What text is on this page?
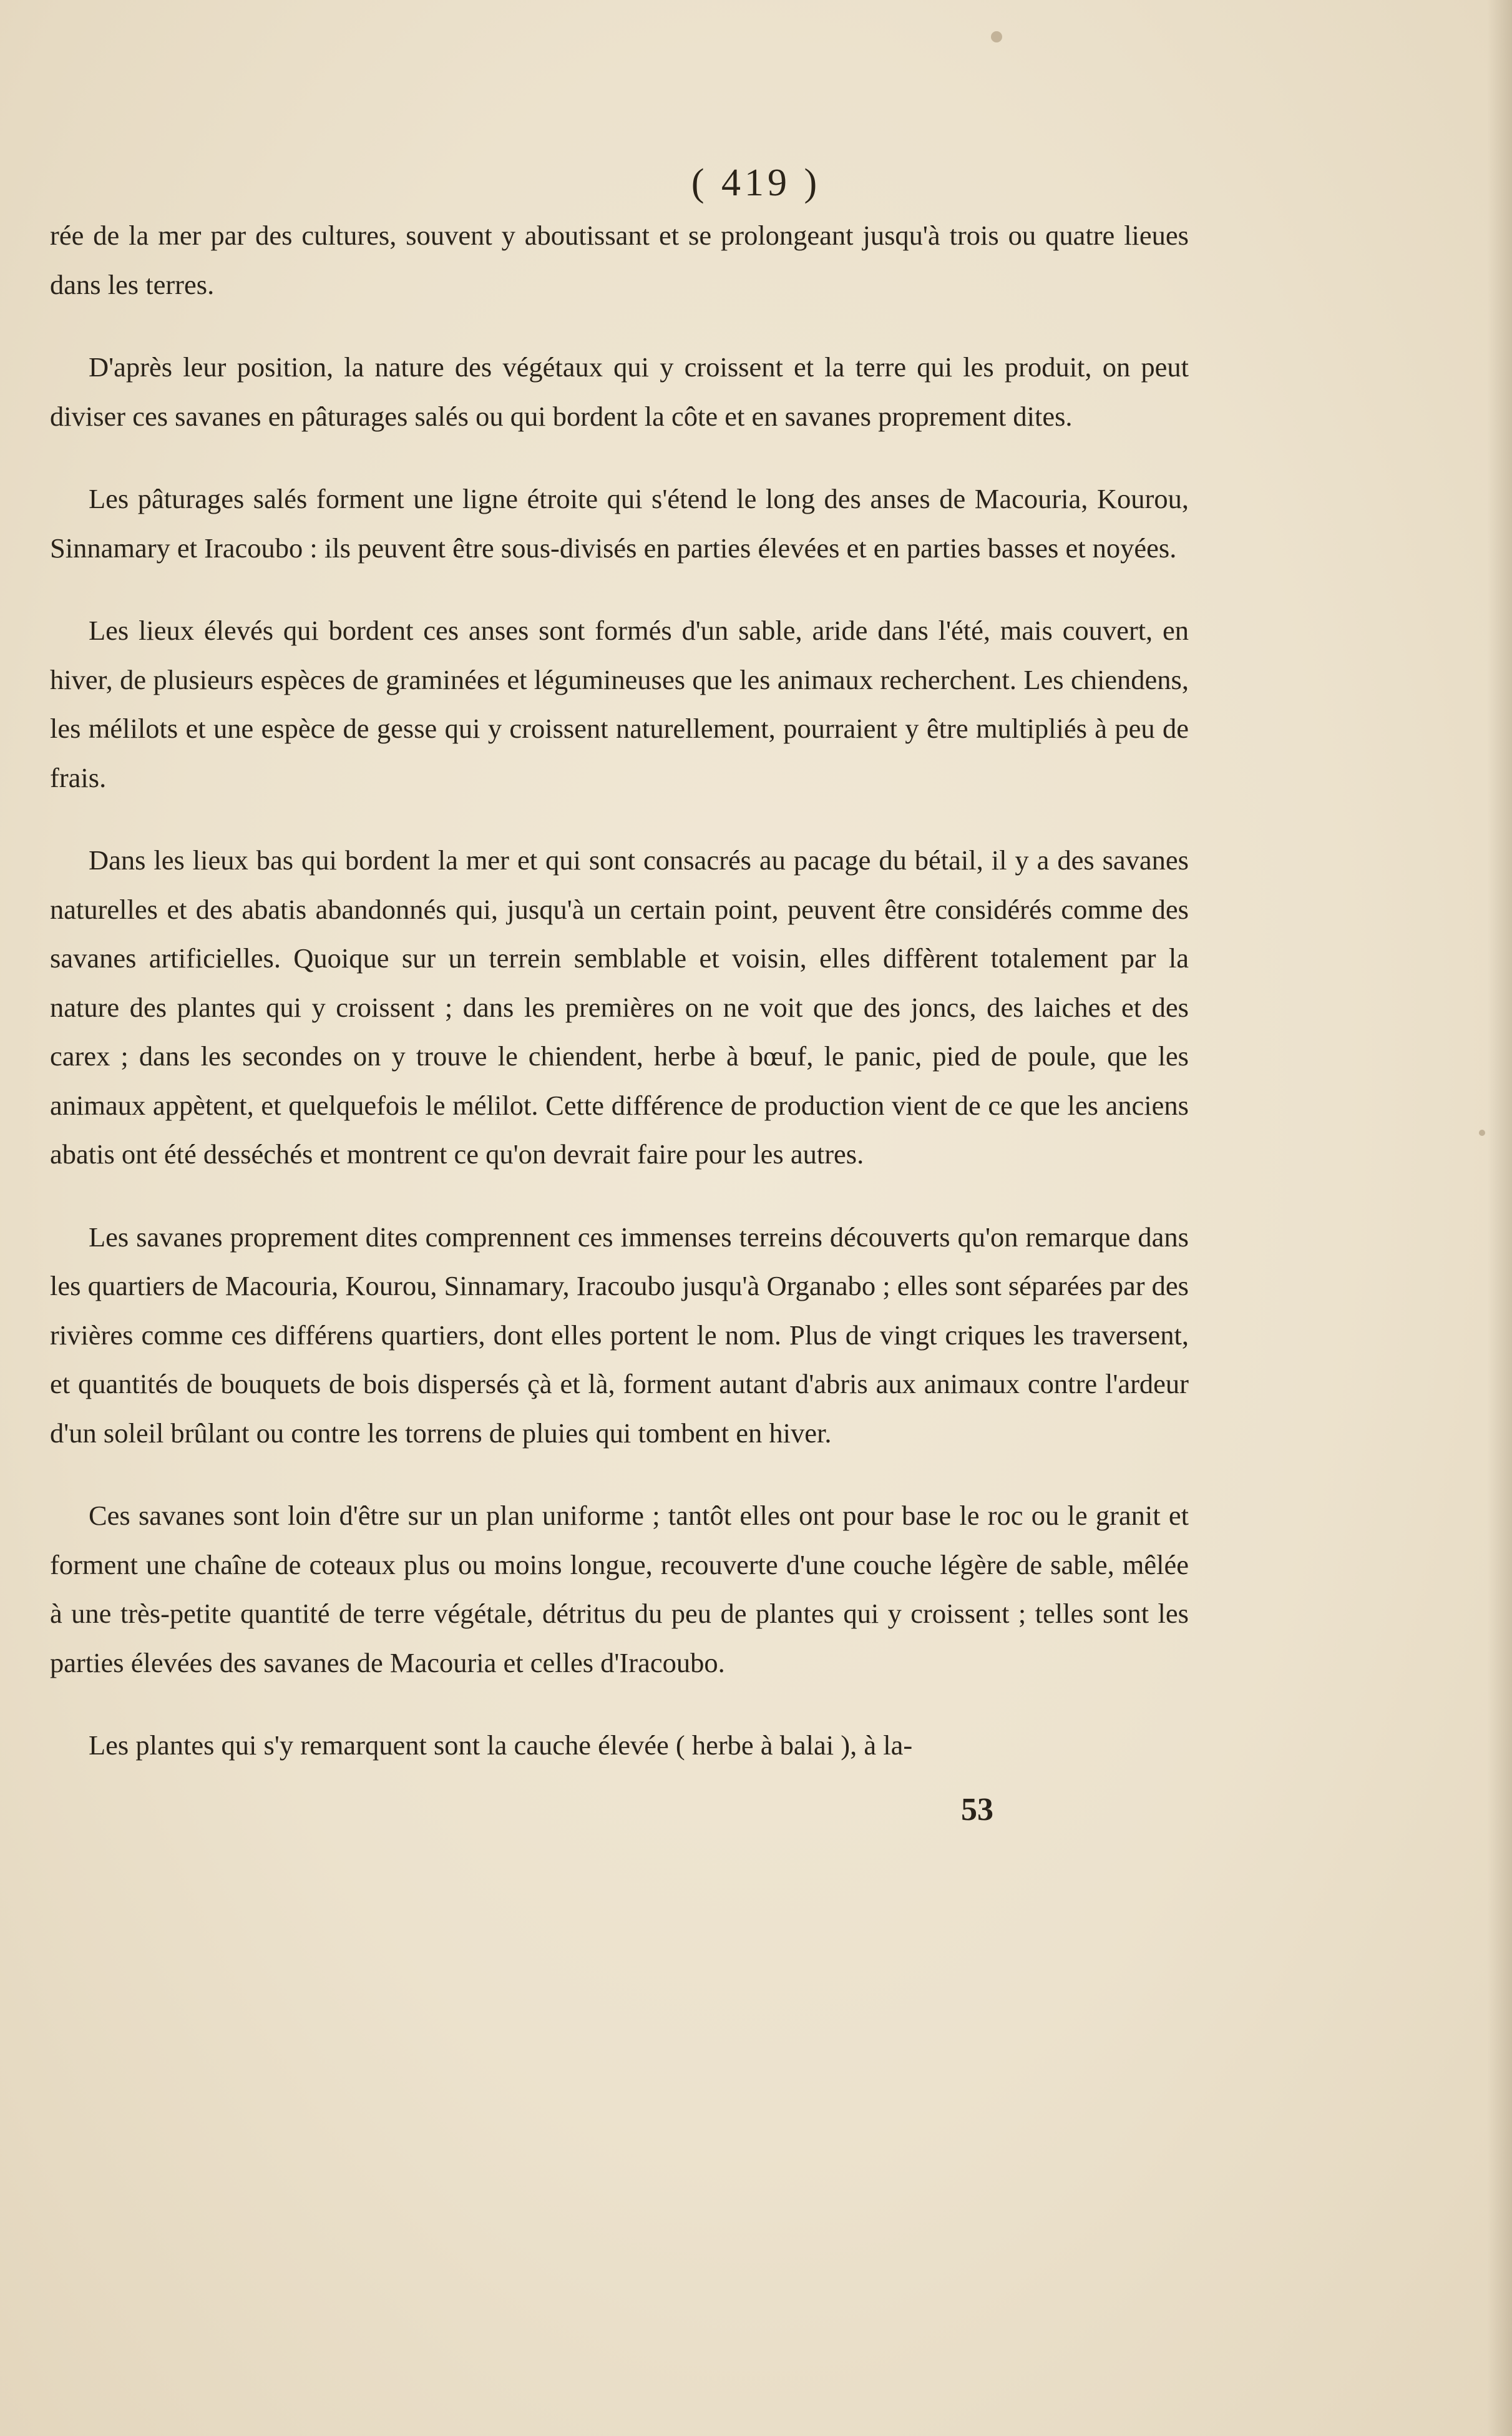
( 419 )

rée de la mer par des cultures, souvent y aboutissant et se prolongeant jusqu'à trois ou quatre lieues dans les terres.

D'après leur position, la nature des végétaux qui y croissent et la terre qui les produit, on peut diviser ces savanes en pâturages salés ou qui bordent la côte et en savanes proprement dites.

Les pâturages salés forment une ligne étroite qui s'étend le long des anses de Macouria, Kourou, Sinnamary et Iracoubo : ils peuvent être sous-divisés en parties élevées et en parties basses et noyées.

Les lieux élevés qui bordent ces anses sont formés d'un sable, aride dans l'été, mais couvert, en hiver, de plusieurs espèces de graminées et légumineuses que les animaux recherchent. Les chiendens, les mélilots et une espèce de gesse qui y croissent naturellement, pourraient y être multipliés à peu de frais.

Dans les lieux bas qui bordent la mer et qui sont consacrés au pacage du bétail, il y a des savanes naturelles et des abatis abandonnés qui, jusqu'à un certain point, peuvent être considérés comme des savanes artificielles. Quoique sur un terrein semblable et voisin, elles diffèrent totalement par la nature des plantes qui y croissent ; dans les premières on ne voit que des joncs, des laiches et des carex ; dans les secondes on y trouve le chiendent, herbe à bœuf, le panic, pied de poule, que les animaux appètent, et quelquefois le mélilot. Cette différence de production vient de ce que les anciens abatis ont été desséchés et montrent ce qu'on devrait faire pour les autres.

Les savanes proprement dites comprennent ces immenses terreins découverts qu'on remarque dans les quartiers de Macouria, Kourou, Sinnamary, Iracoubo jusqu'à Organabo ; elles sont séparées par des rivières comme ces différens quartiers, dont elles portent le nom. Plus de vingt criques les traversent, et quantités de bouquets de bois dispersés çà et là, forment autant d'abris aux animaux contre l'ardeur d'un soleil brûlant ou contre les torrens de pluies qui tombent en hiver.

Ces savanes sont loin d'être sur un plan uniforme ; tantôt elles ont pour base le roc ou le granit et forment une chaîne de coteaux plus ou moins longue, recouverte d'une couche légère de sable, mêlée à une très-petite quantité de terre végétale, détritus du peu de plantes qui y croissent ; telles sont les parties élevées des savanes de Macouria et celles d'Iracoubo.

Les plantes qui s'y remarquent sont la cauche élevée ( herbe à balai ), à la-

53
